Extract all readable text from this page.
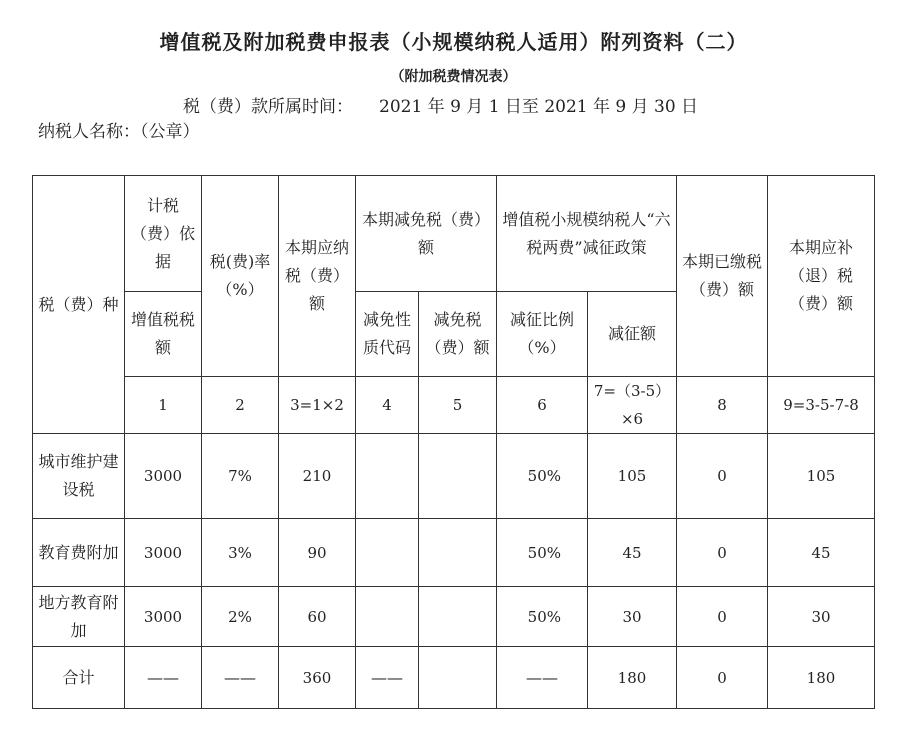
增值税及附加税费申报表（小规模纳税人适用）附列资料（二）
（附加税费情况表）
税（费）款所属时间： 2021 年 9 月 1 日至 2021 年 9 月 30 日
纳税人名称：（公章）
税（费）种	计税（费）依据	税(费)率（%）	本期应纳税（费）额	本期减免税（费）额		增值税小规模纳税人“六税两费”减征政策		本期已缴税（费）额	本期应补（退）税（费）额
	增值税税额			减免性质代码	减免税（费）额	减征比例（%）	减征额		
	1	2	3=1×2	4	5	6	7=（3-5）×6	8	9=3-5-7-8
城市维护建设税	3000	7%	210			50%	105	0	105
教育费附加	3000	3%	90			50%	45	0	45
地方教育附加	3000	2%	60			50%	30	0	30
合计	——	——	360	——		——	180	0	180
